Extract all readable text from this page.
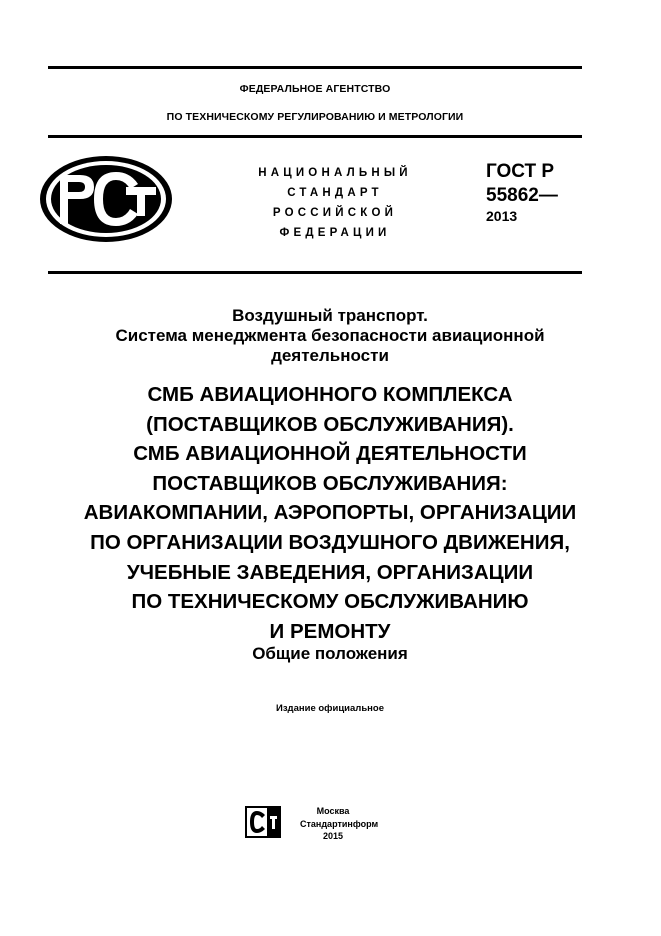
ФЕДЕРАЛЬНОЕ АГЕНТСТВО
ПО ТЕХНИЧЕСКОМУ РЕГУЛИРОВАНИЮ И МЕТРОЛОГИИ
НАЦИОНАЛЬНЫЙ
СТАНДАРТ
РОССИЙСКОЙ
ФЕДЕРАЦИИ
ГОСТ Р
55862—
2013
Воздушный транспорт.
Система менеджмента безопасности авиационной
деятельности
СМБ АВИАЦИОННОГО КОМПЛЕКСА
(ПОСТАВЩИКОВ ОБСЛУЖИВАНИЯ).
СМБ АВИАЦИОННОЙ ДЕЯТЕЛЬНОСТИ
ПОСТАВЩИКОВ ОБСЛУЖИВАНИЯ:
АВИАКОМПАНИИ, АЭРОПОРТЫ, ОРГАНИЗАЦИИ
ПО ОРГАНИЗАЦИИ ВОЗДУШНОГО ДВИЖЕНИЯ,
УЧЕБНЫЕ ЗАВЕДЕНИЯ, ОРГАНИЗАЦИИ
ПО ТЕХНИЧЕСКОМУ ОБСЛУЖИВАНИЮ
И РЕМОНТУ
Общие положения
Издание официальное
Москва
Стандартинформ
2015
